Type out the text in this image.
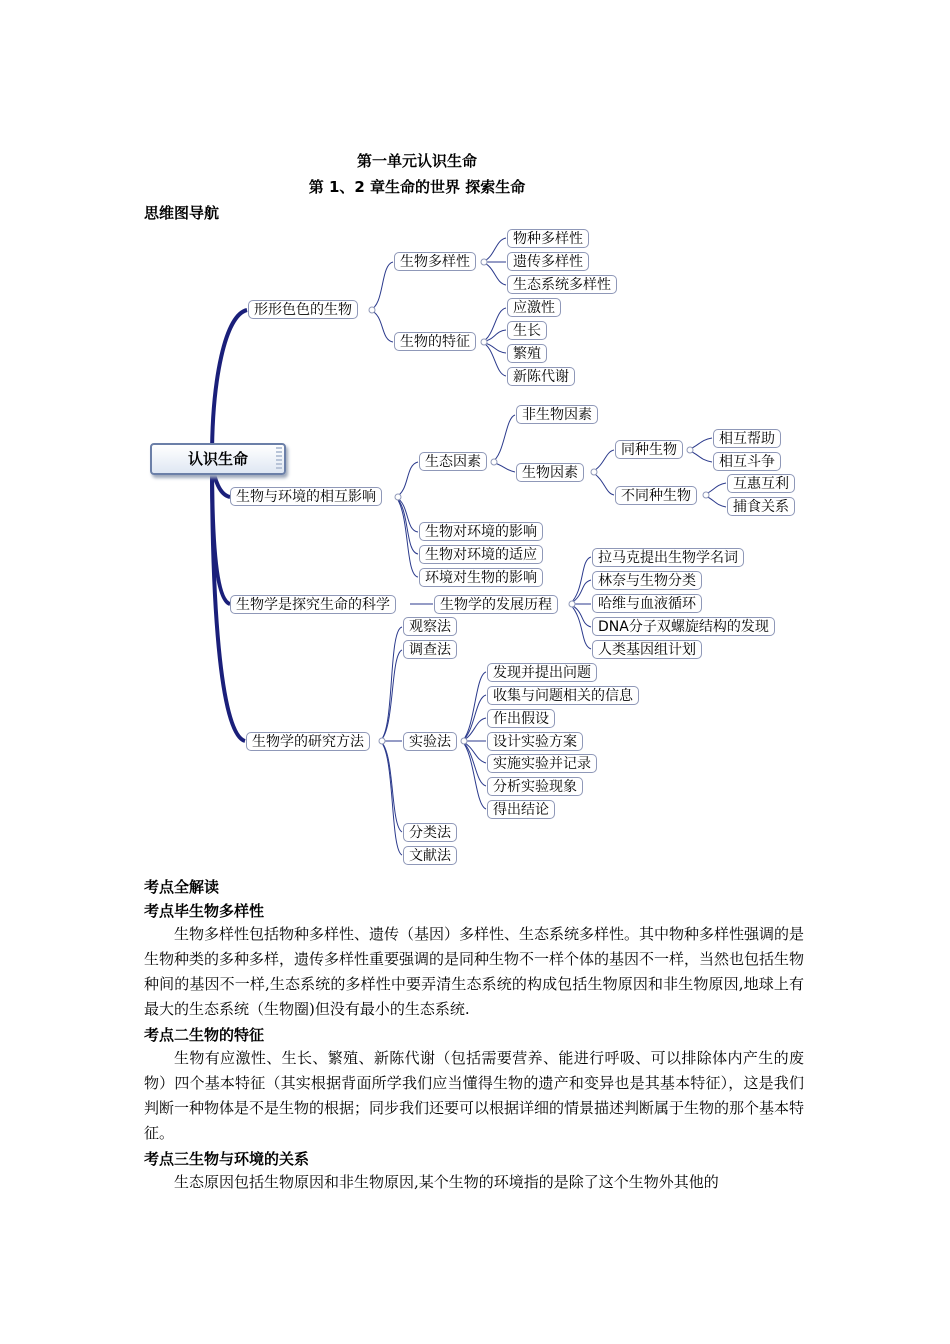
第一单元认识生命
第 1、2 章生命的世界 探索生命
思维图导航
认识生命
形形色色的生物
生物多样性
物种多样性
遗传多样性
生态系统多样性
生物的特征
应激性
生长
繁殖
新陈代谢
生物与环境的相互影响
生态因素
非生物因素
生物因素
同种生物
相互帮助
相互斗争
不同种生物
互惠互利
捕食关系
生物对环境的影响
生物对环境的适应
环境对生物的影响
生物学是探究生命的科学	生物学的发展历程
拉马克提出生物学名词
林奈与生物分类
哈维与血液循环
DNA分子双螺旋结构的发现
人类基因组计划
生物学的研究方法
观察法
调查法
实验法
发现并提出问题
收集与问题相关的信息
作出假设
设计实验方案
实施实验并记录
分析实验现象
得出结论
分类法
文献法
考点全解读
考点毕生物多样性
生物多样性包括物种多样性、遗传（基因）多样性、生态系统多样性。其中物种多样性强调的是生物种类的多种多样，遗传多样性重要强调的是同种生物不一样个体的基因不一样，当然也包括生物种间的基因不一样,生态系统的多样性中要弄清生态系统的构成包括生物原因和非生物原因,地球上有最大的生态系统（生物圈)但没有最小的生态系统.
考点二生物的特征
生物有应激性、生长、繁殖、新陈代谢（包括需要营养、能进行呼吸、可以排除体内产生的废物）四个基本特征（其实根据背面所学我们应当懂得生物的遗产和变异也是其基本特征），这是我们判断一种物体是不是生物的根据；同步我们还要可以根据详细的情景描述判断属于生物的那个基本特征。
考点三生物与环境的关系
生态原因包括生物原因和非生物原因,某个生物的环境指的是除了这个生物外其他的
